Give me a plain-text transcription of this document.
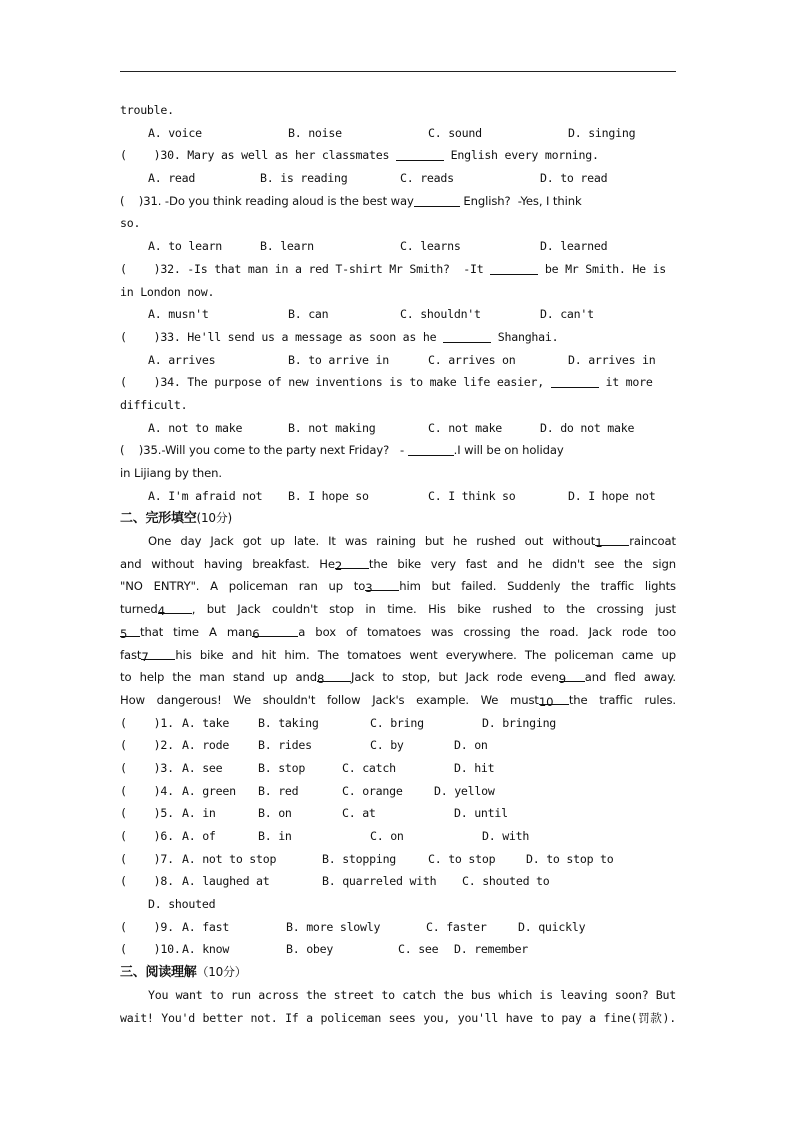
trouble.
A. voice	B. noise	C. sound	D. singing
(    )30. Mary as well as her classmates	English every morning.
A. read	B. is reading	C. reads	D. to read
(    )31. -Do you think reading aloud is the best way	English?  -Yes, I think
so.
A. to learn	B. learn	C. learns	D. learned
(    )32. -Is that man in a red T-shirt Mr Smith?  -It	be Mr Smith. He is
in London now.
A. musn't	B. can	C. shouldn't	D. can't
(    )33. He'll send us a message as soon as he	Shanghai.
A. arrives	B. to arrive in	C. arrives on	D. arrives in
(    )34. The purpose of new inventions is to make life easier,	it more
difficult.
A. not to make	B. not making	C. not make	D. do not make
(    )35.-Will you come to the party next Friday?   -	.I will be on holiday
in Lijiang by then.
A. I'm afraid not B. I hope so	C. I think so	D. I hope not
二、完形填空(10分)
One day Jack got up late. It was raining but he rushed out without1 raincoat
and without having breakfast. He2 the bike very fast and he didn't see the sign
"NO ENTRY". A policeman ran up to3 him but failed. Suddenly the traffic lights
turned4 , but Jack couldn't stop in time. His bike rushed to the crossing just
5 that time A man6	a box of tomatoes was crossing the road. Jack rode too
fast7 his bike and hit him. The tomatoes went everywhere. The policeman came up
to help the man stand up and8 Jack to stop, but Jack rode even9 and fled away.
How dangerous! We shouldn't follow Jack's example. We must10 the traffic rules.
(    )1. A. take B. taking	C. bring	D. bringing
(    )2. A. rode B. rides	C. by	D. on
(    )3. A. see	B. stop	C. catch	D. hit
(    )4. A. green B. red	C. orange	D. yellow
(    )5. A. in	B. on	C. at	D. until
(    )6. A. of	B. in	C. on	D. with
(    )7. A. not to stop	B. stopping	C. to stop	D. to stop to
(    )8. A. laughed at	B. quarreled with C. shouted to
D. shouted
(    )9. A. fast	B. more slowly	C. faster	D. quickly
(    )10.A. know	B. obey	C. see D. remember
三、阅读理解（10分）
You want to run across the street to catch the bus which is leaving soon? But
wait! You'd better not. If a policeman sees you, you'll have to pay a fine(罚款).
